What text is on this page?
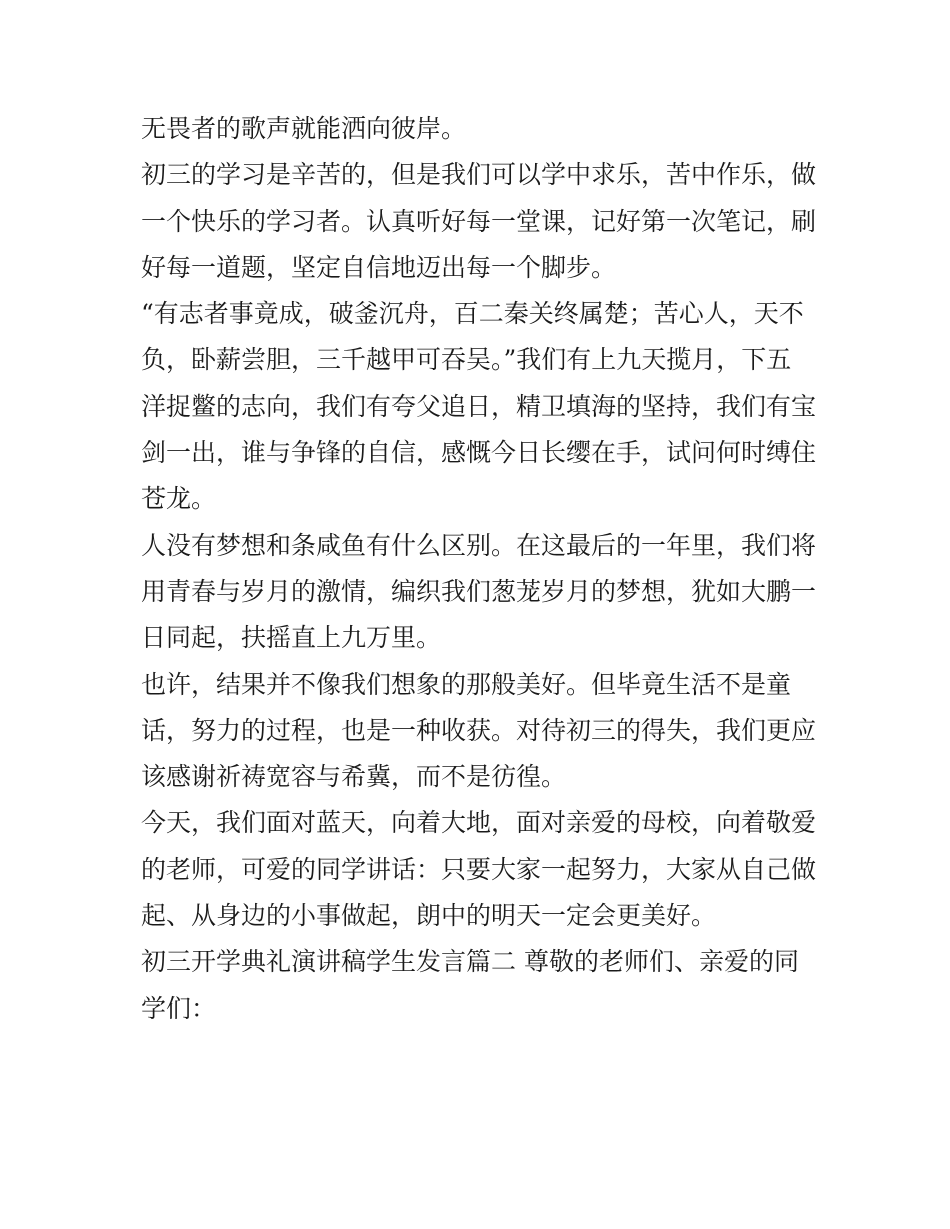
无畏者的歌声就能洒向彼岸。
初三的学习是辛苦的，但是我们可以学中求乐，苦中作乐，做
一个快乐的学习者。认真听好每一堂课，记好第一次笔记，刷
好每一道题，坚定自信地迈出每一个脚步。
“有志者事竟成，破釜沉舟，百二秦关终属楚；苦心人，天不
负，卧薪尝胆，三千越甲可吞吴。”我们有上九天揽月，下五
洋捉鳖的志向，我们有夸父追日，精卫填海的坚持，我们有宝
剑一出，谁与争锋的自信，感慨今日长缨在手，试问何时缚住
苍龙。
人没有梦想和条咸鱼有什么区别。在这最后的一年里，我们将
用青春与岁月的激情，编织我们葱茏岁月的梦想，犹如大鹏一
日同起，扶摇直上九万里。
也许，结果并不像我们想象的那般美好。但毕竟生活不是童
话，努力的过程，也是一种收获。对待初三的得失，我们更应
该感谢祈祷宽容与希冀，而不是彷徨。
今天，我们面对蓝天，向着大地，面对亲爱的母校，向着敬爱
的老师，可爱的同学讲话：只要大家一起努力，大家从自己做
起、从身边的小事做起，朗中的明天一定会更美好。
初三开学典礼演讲稿学生发言篇二 尊敬的老师们、亲爱的同
学们：
